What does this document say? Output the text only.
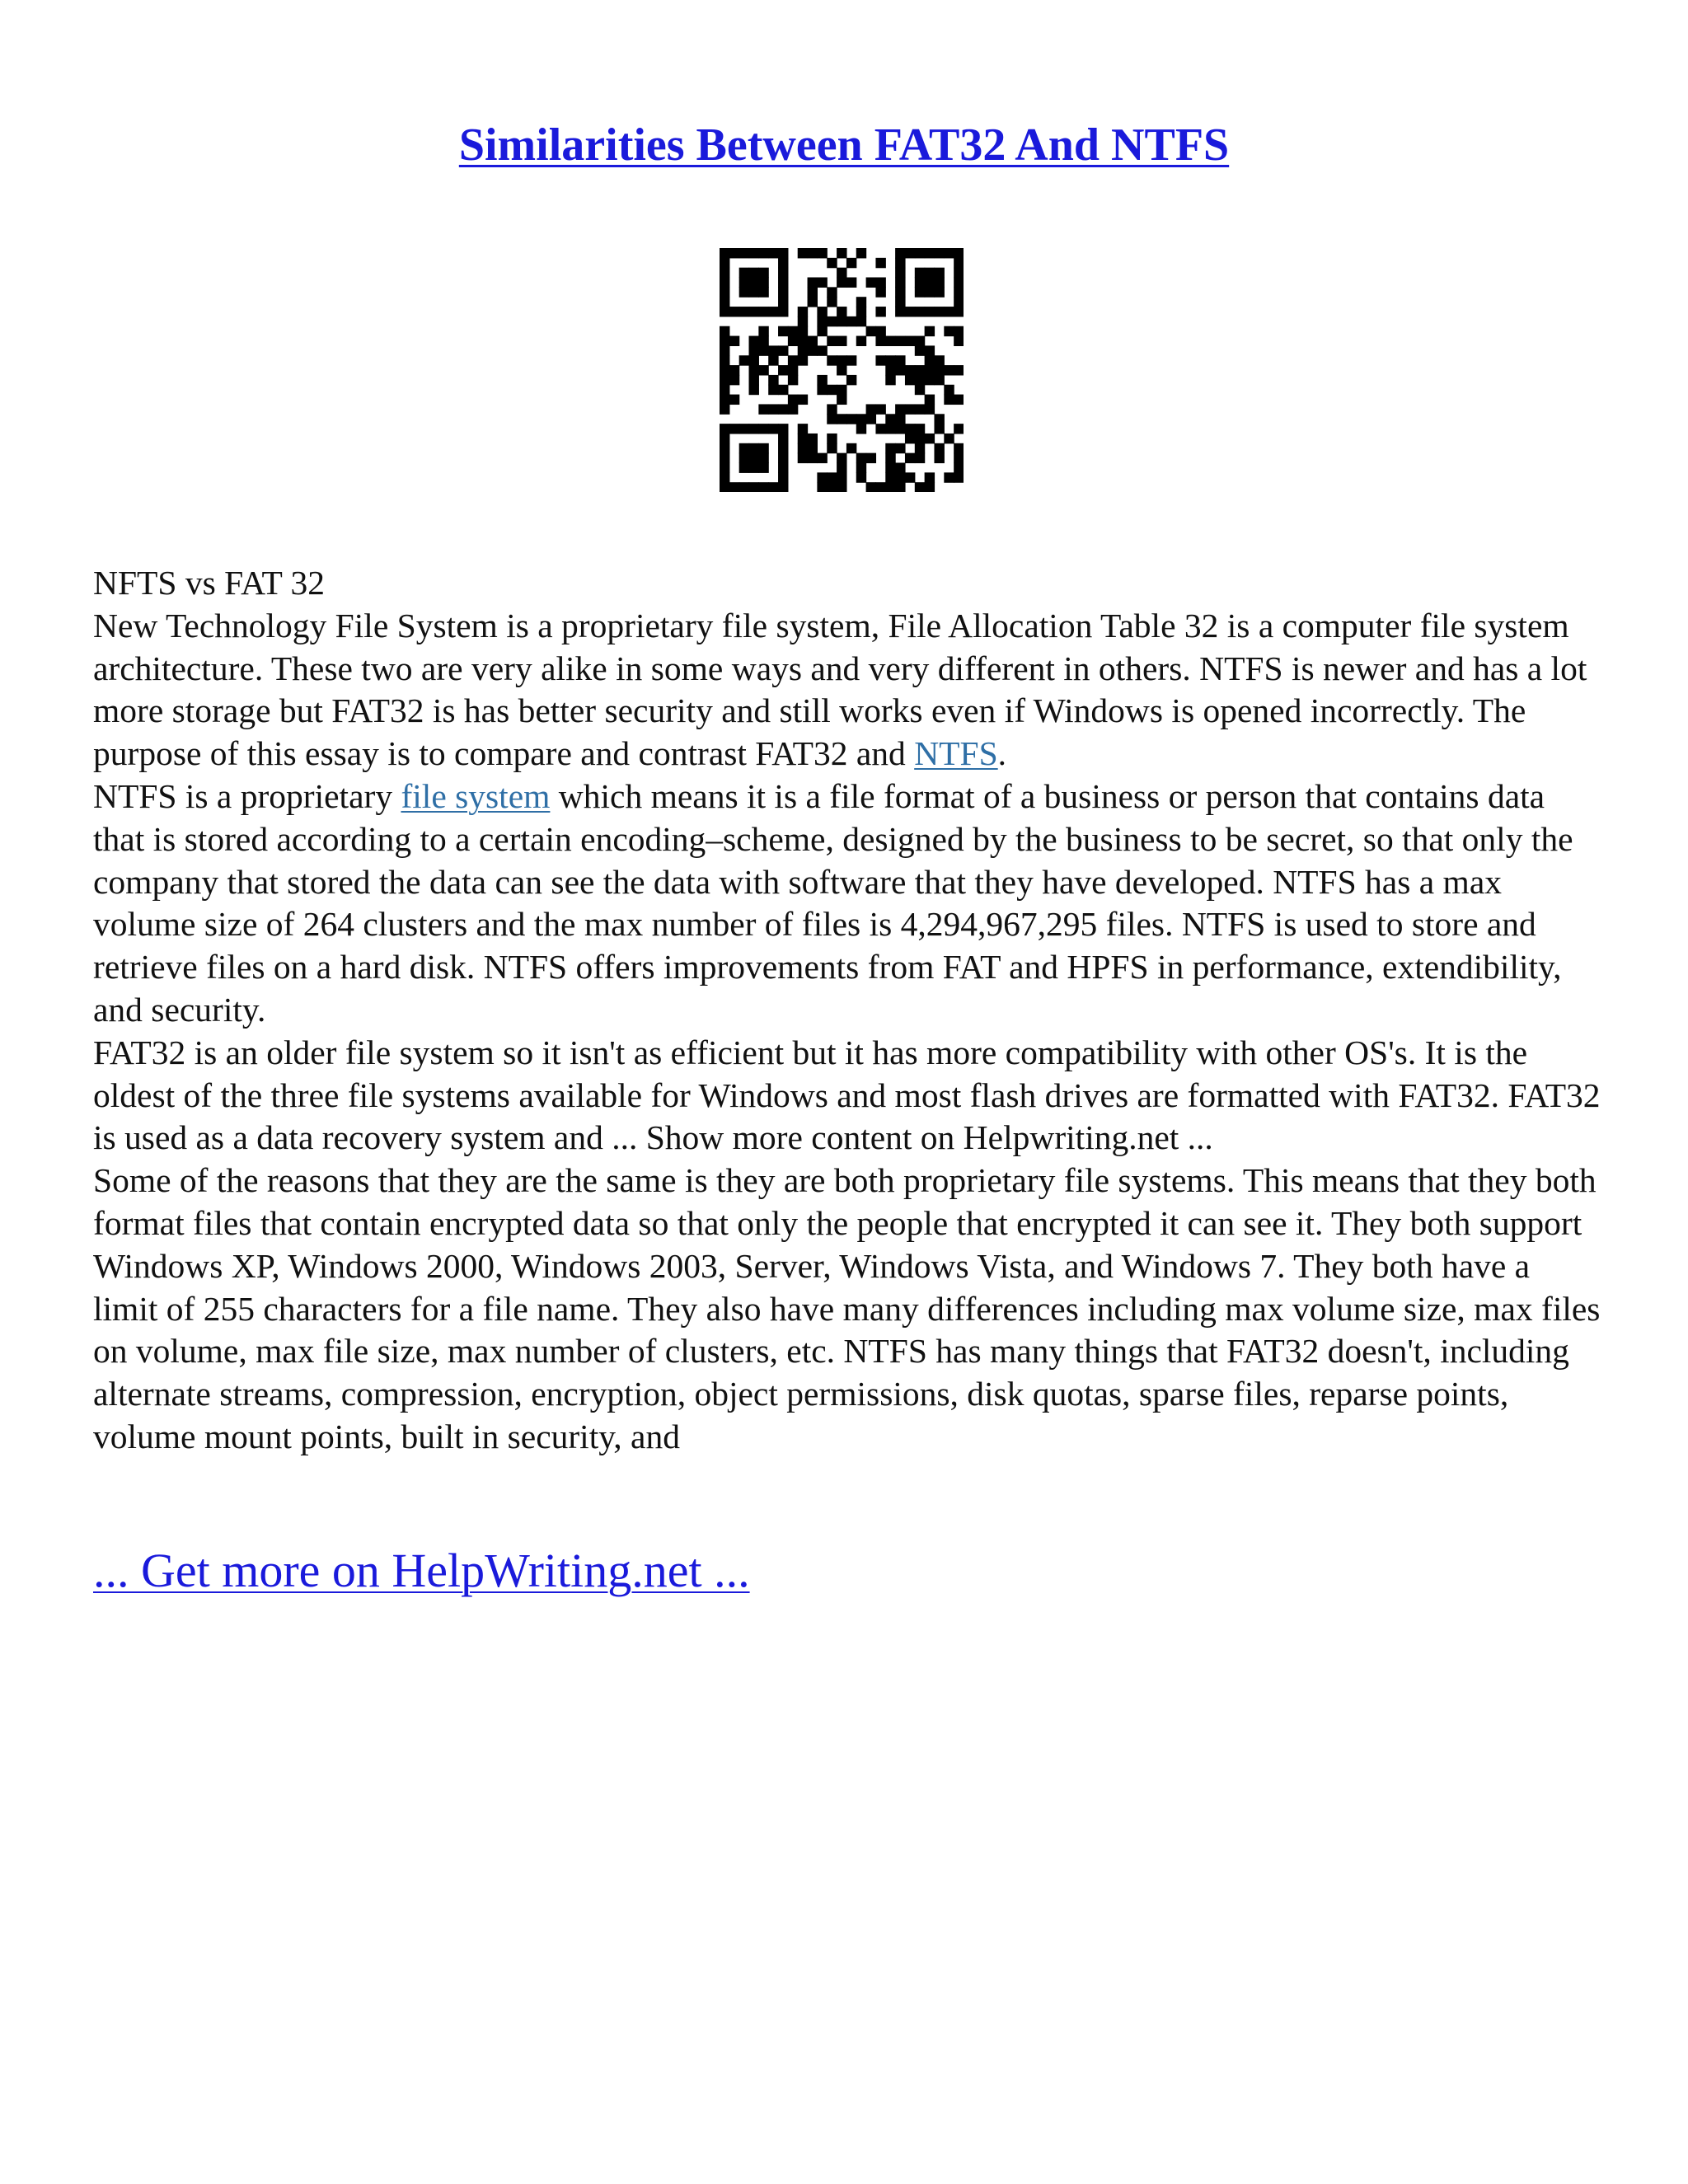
Similarities Between FAT32 And NTFS

NFTS vs FAT 32

New Technology File System is a proprietary file system, File Allocation Table 32 is a computer file system architecture. These two are very alike in some ways and very different in others. NTFS is newer and has a lot more storage but FAT32 is has better security and still works even if Windows is opened incorrectly. The purpose of this essay is to compare and contrast FAT32 and NTFS.

NTFS is a proprietary file system which means it is a file format of a business or person that contains data that is stored according to a certain encoding–scheme, designed by the business to be secret, so that only the company that stored the data can see the data with software that they have developed. NTFS has a max volume size of 264 clusters and the max number of files is 4,294,967,295 files. NTFS is used to store and retrieve files on a hard disk. NTFS offers improvements from FAT and HPFS in performance, extendibility, and security.

FAT32 is an older file system so it isn't as efficient but it has more compatibility with other OS's. It is the oldest of the three file systems available for Windows and most flash drives are formatted with FAT32. FAT32 is used as a data recovery system and ... Show more content on Helpwriting.net ...

Some of the reasons that they are the same is they are both proprietary file systems. This means that they both format files that contain encrypted data so that only the people that encrypted it can see it. They both support Windows XP, Windows 2000, Windows 2003, Server, Windows Vista, and Windows 7. They both have a limit of 255 characters for a file name. They also have many differences including max volume size, max files on volume, max file size, max number of clusters, etc. NTFS has many things that FAT32 doesn't, including alternate streams, compression, encryption, object permissions, disk quotas, sparse files, reparse points, volume mount points, built in security, and

... Get more on HelpWriting.net ...
